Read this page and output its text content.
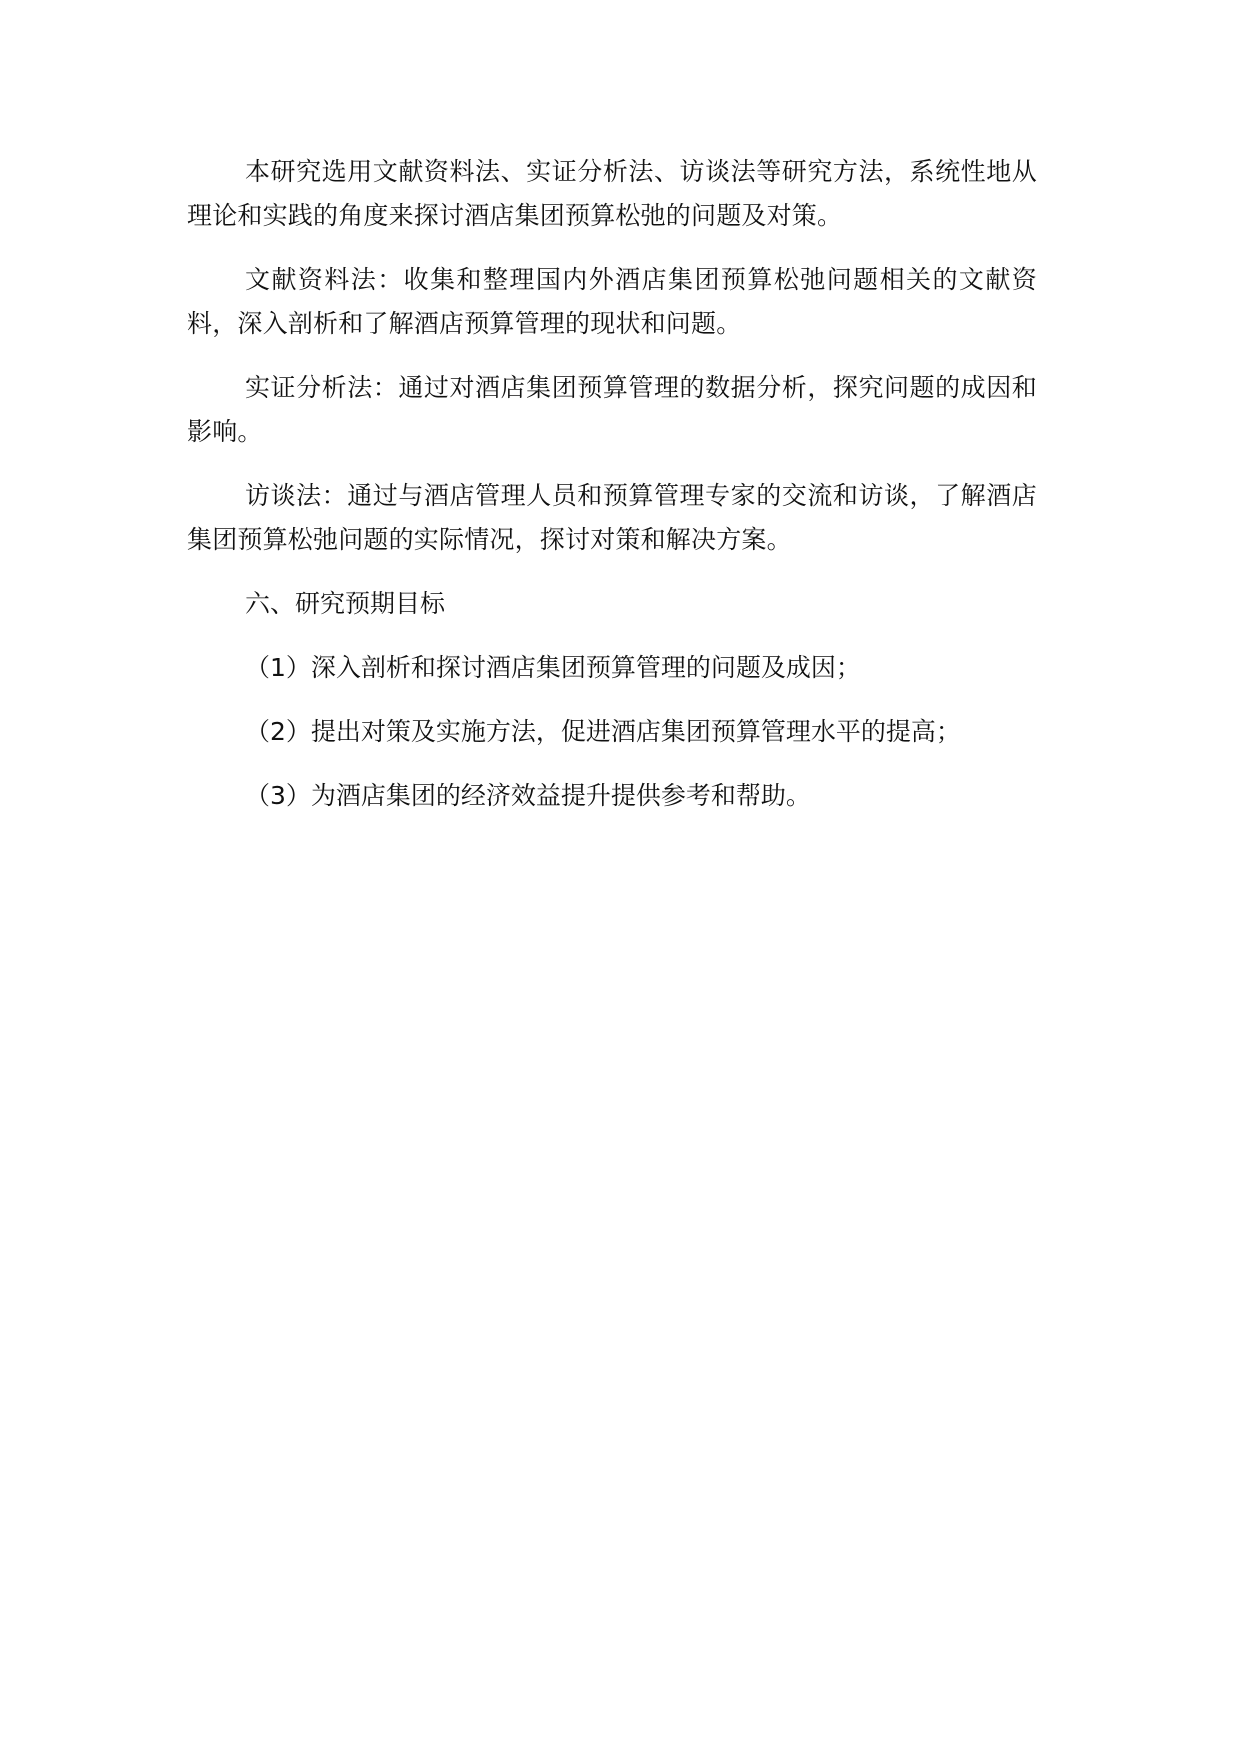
本研究选用文献资料法、实证分析法、访谈法等研究方法，系统性地从理论和实践的角度来探讨酒店集团预算松弛的问题及对策。

文献资料法：收集和整理国内外酒店集团预算松弛问题相关的文献资料，深入剖析和了解酒店预算管理的现状和问题。

实证分析法：通过对酒店集团预算管理的数据分析，探究问题的成因和影响。

访谈法：通过与酒店管理人员和预算管理专家的交流和访谈，了解酒店集团预算松弛问题的实际情况，探讨对策和解决方案。

六、研究预期目标

（1）深入剖析和探讨酒店集团预算管理的问题及成因；

（2）提出对策及实施方法，促进酒店集团预算管理水平的提高；

（3）为酒店集团的经济效益提升提供参考和帮助。
